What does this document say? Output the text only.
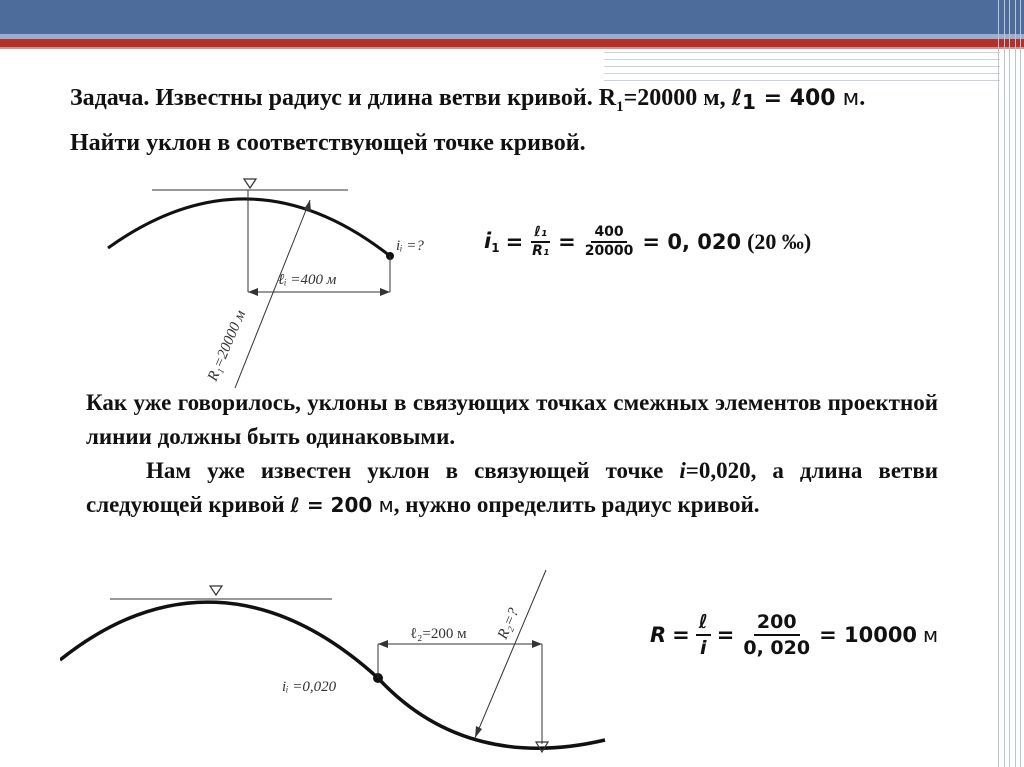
Задача. Известны радиус и длина ветви кривой. $R_1=20000$ м, ℓ$_1$ = 400 м. Найти уклон в соответствующей точке кривой.
iᵢ =?
ℓᵢ =400 м
R₁=20000 м
$i_1 = \frac{\text{ℓ₁}}{\text{R₁}} = \frac{400}{20000} = 0$, 020 (20 ‰)

Как уже говорилось, уклоны в связующих точках смежных элементов проектной линии должны быть одинаковыми.

Нам уже известен уклон в связующей точке i=0,020, а длина ветви следующей кривой ℓ = 200 м, нужно определить радиус кривой.

iᵢ =0,020
ℓ₂=200 м R₂=?	$R = \frac{\text{ℓ}}{i} = \frac{200}{0, 020} = 10000$ м
